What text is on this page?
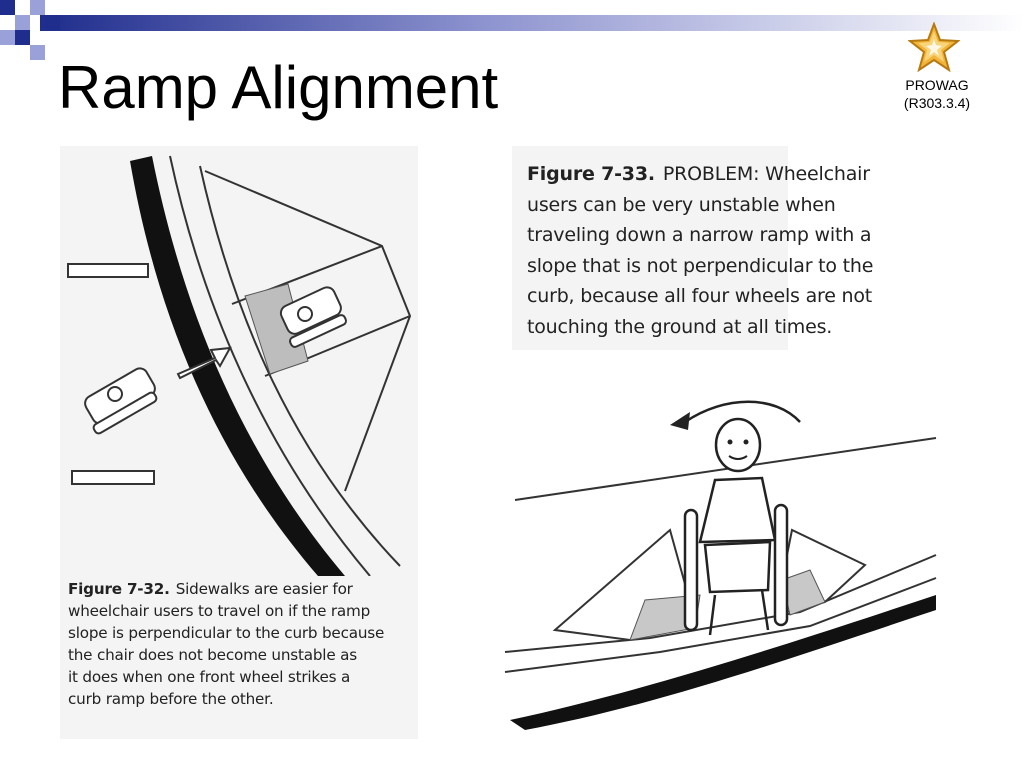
Ramp Alignment	PROWAG
(R303.3.4)
Figure 7-32. Sidewalks are easier for
wheelchair users to travel on if the ramp
slope is perpendicular to the curb because
the chair does not become unstable as
it does when one front wheel strikes a
curb ramp before the other.
Figure 7-33. PROBLEM: Wheelchair
users can be very unstable when
traveling down a narrow ramp with a
slope that is not perpendicular to the
curb, because all four wheels are not
touching the ground at all times.
